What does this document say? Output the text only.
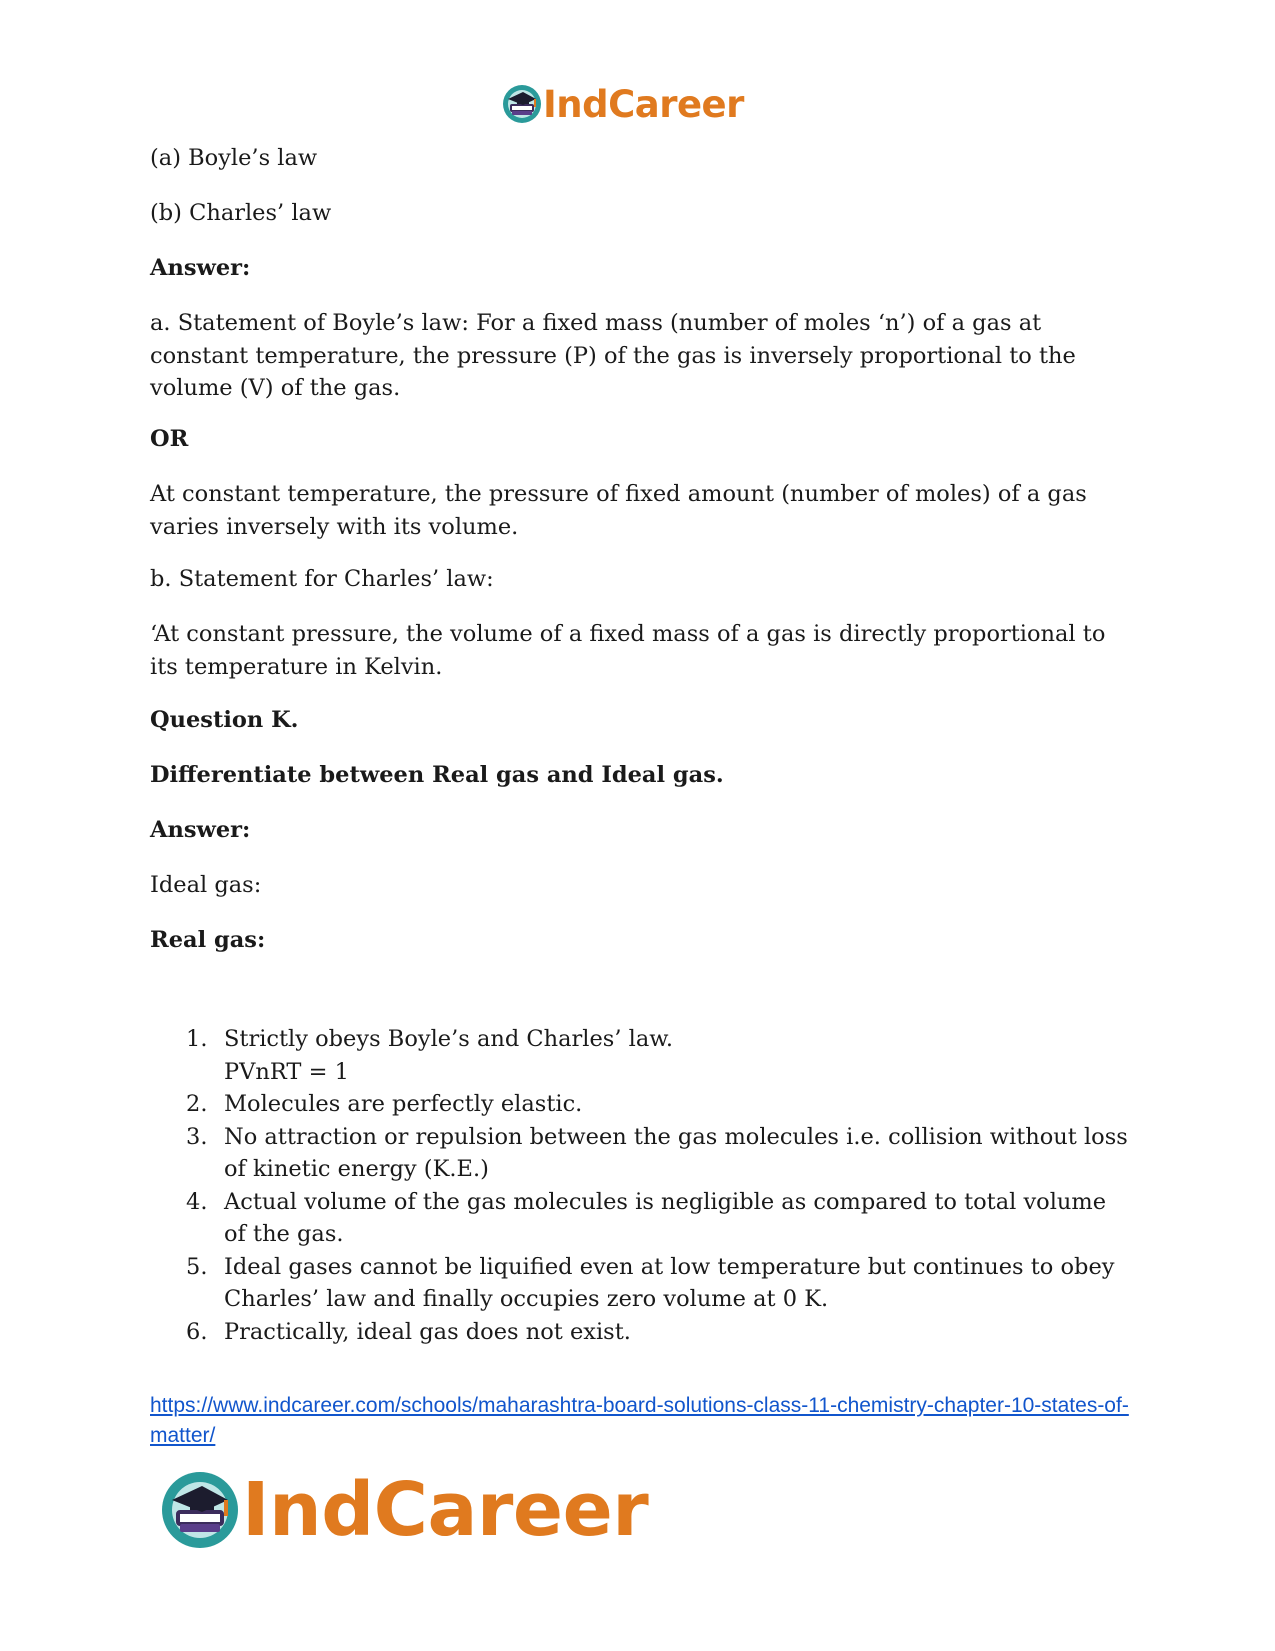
IndCareer

(a) Boyle’s law

(b) Charles’ law

Answer:

a. Statement of Boyle’s law: For a fixed mass (number of moles ‘n’) of a gas at constant temperature, the pressure (P) of the gas is inversely proportional to the volume (V) of the gas.

OR

At constant temperature, the pressure of fixed amount (number of moles) of a gas varies inversely with its volume.

b. Statement for Charles’ law:

‘At constant pressure, the volume of a fixed mass of a gas is directly proportional to its temperature in Kelvin.

Question K.

Differentiate between Real gas and Ideal gas.

Answer:

Ideal gas:

Real gas:

1. Strictly obeys Boyle’s and Charles’ law.
PVnRT = 1
2. Molecules are perfectly elastic.
3. No attraction or repulsion between the gas molecules i.e. collision without loss of kinetic energy (K.E.)
4. Actual volume of the gas molecules is negligible as compared to total volume of the gas.
5. Ideal gases cannot be liquified even at low temperature but continues to obey Charles’ law and finally occupies zero volume at 0 K.
6. Practically, ideal gas does not exist.
https://www.indcareer.com/schools/maharashtra-board-solutions-class-11-chemistry-chapter-10-states-of-matter/
IndCareer
